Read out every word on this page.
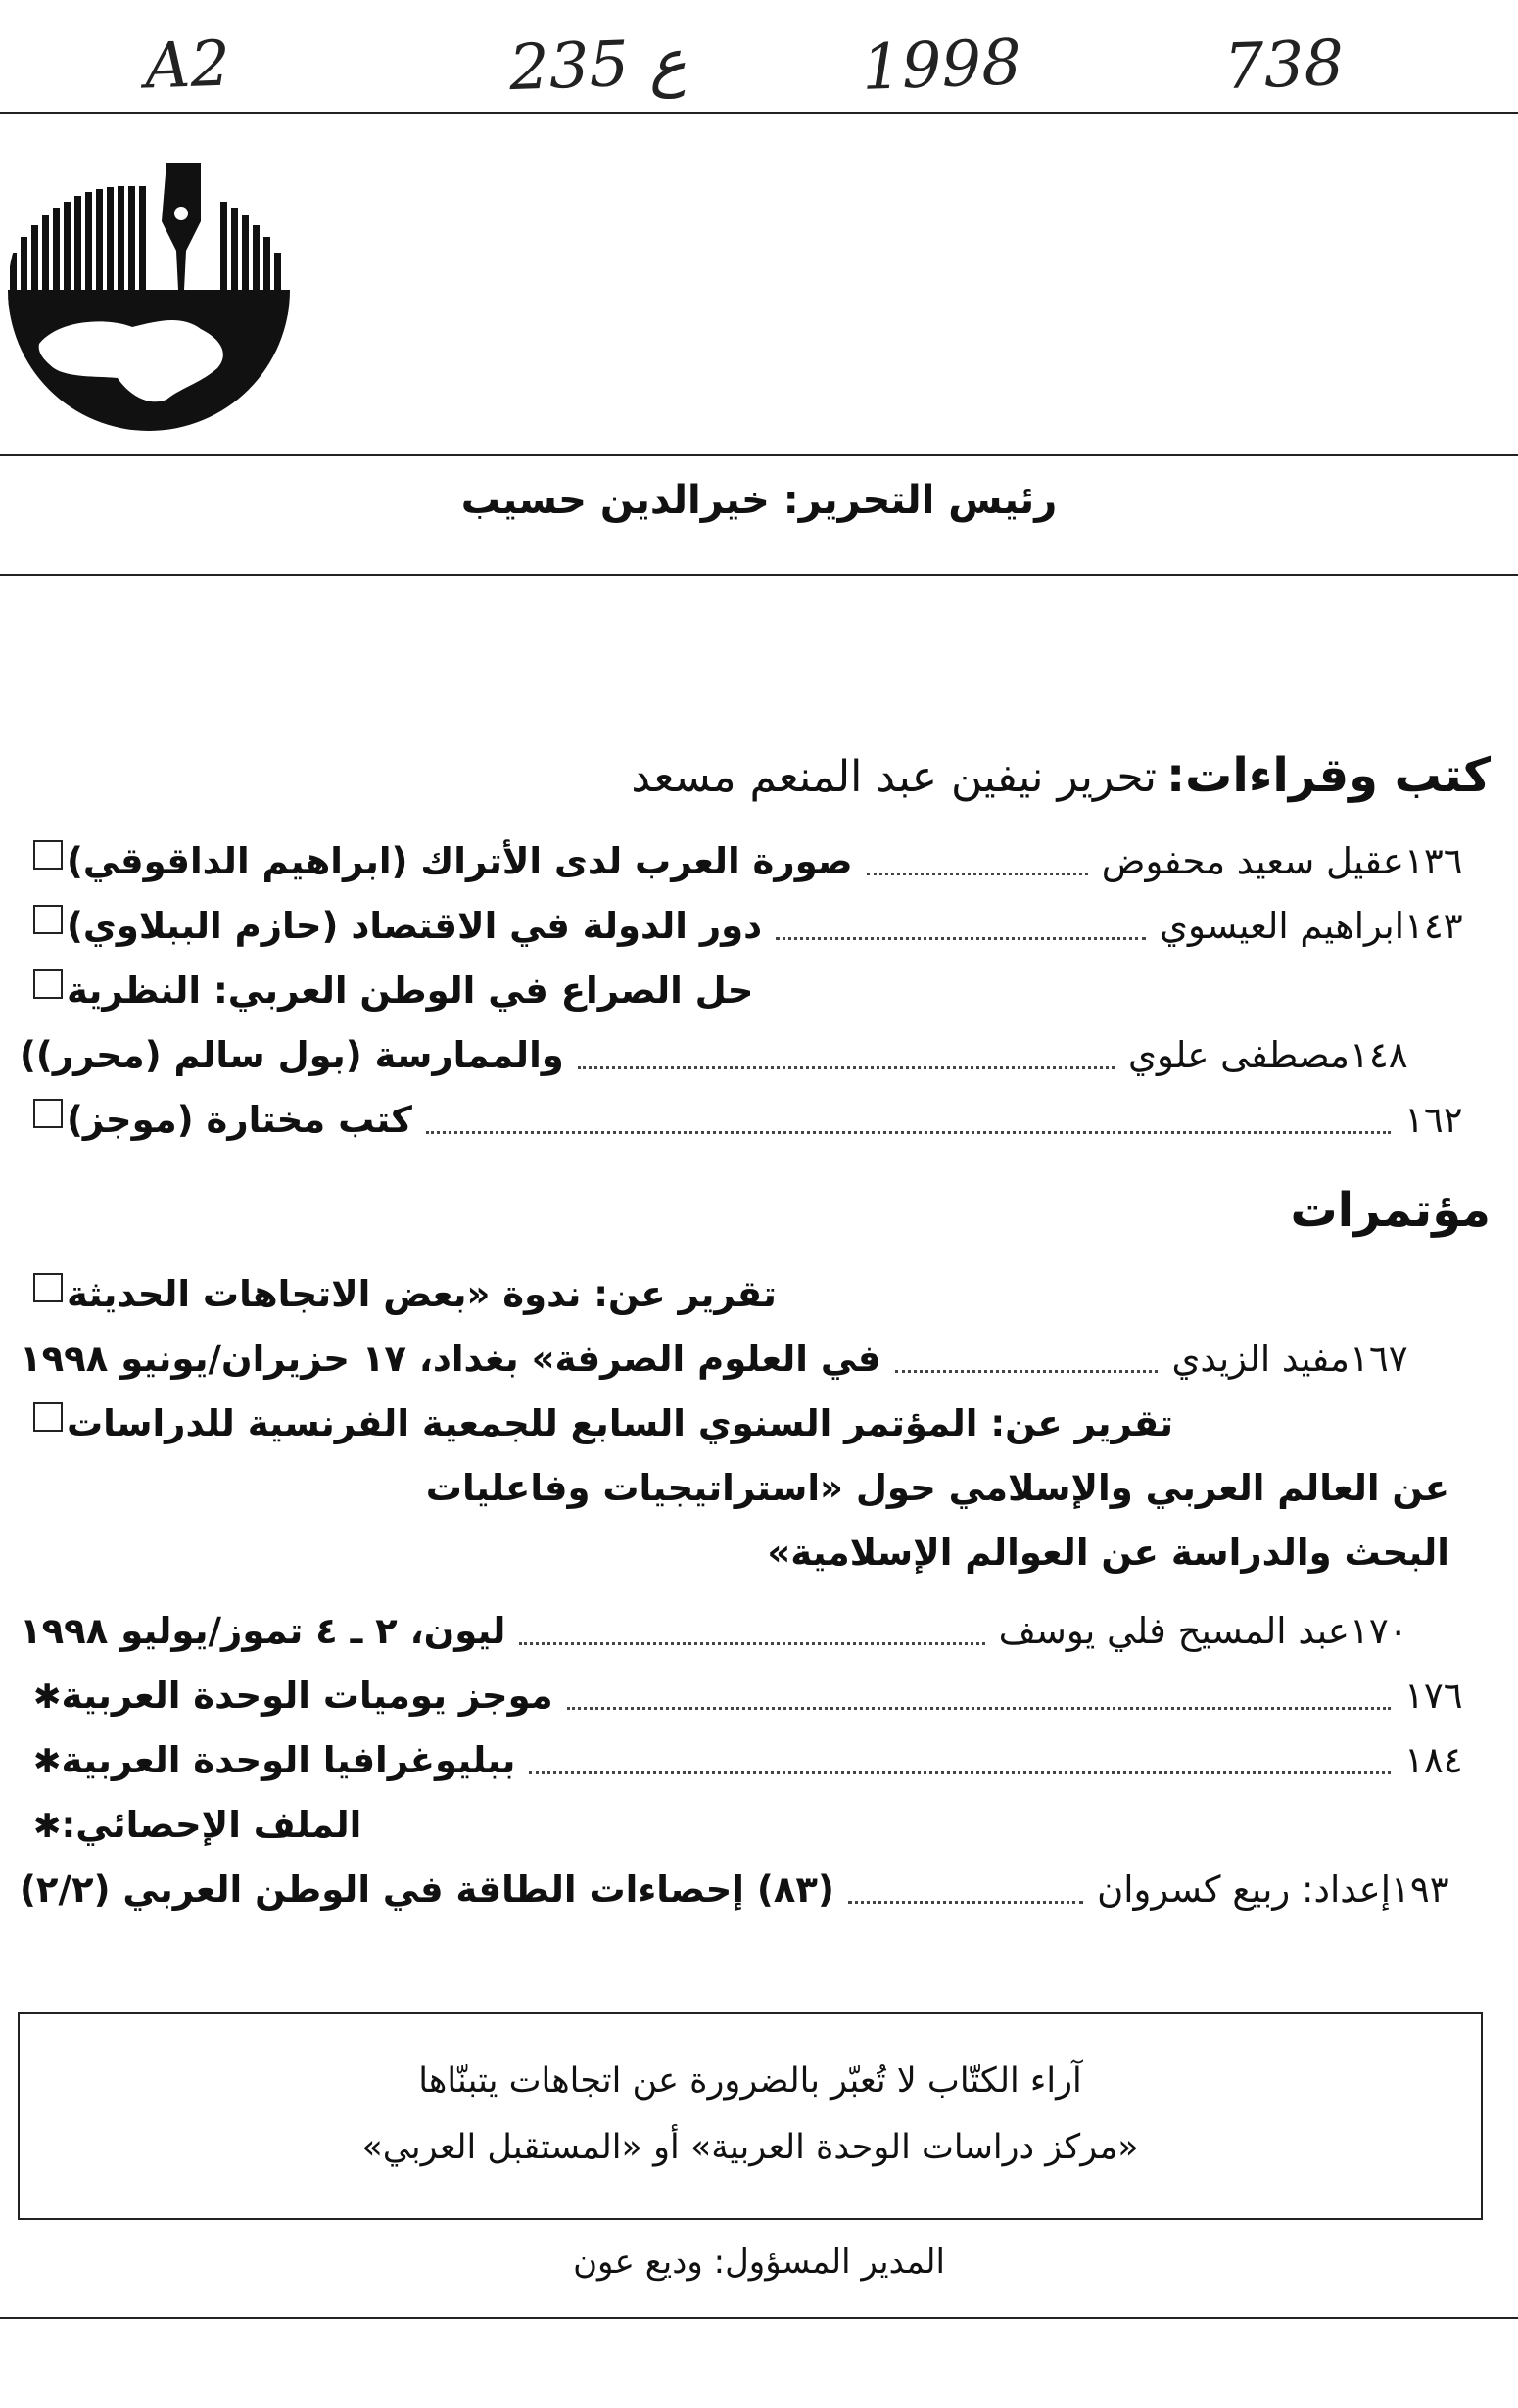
A2	235 ع	1998	738
رئيس التحرير: خيرالدين حسيب
كتب وقراءات:تحرير نيفين عبد المنعم مسعد
صورة العرب لدى الأتراك (ابراهيم الداقوقي)	عقيل سعيد محفوض ١٣٦
دور الدولة في الاقتصاد (حازم الببلاوي)	ابراهيم العيسوي ١٤٣
حل الصراع في الوطن العربي: النظرية
والممارسة (بول سالم (محرر))	مصطفى علوي ١٤٨
كتب مختارة (موجز)	١٦٢
مؤتمرات
تقرير عن: ندوة «بعض الاتجاهات الحديثة
في العلوم الصرفة» بغداد، ١٧ حزيران/يونيو ١٩٩٨	مفيد الزيدي ١٦٧
تقرير عن: المؤتمر السنوي السابع للجمعية الفرنسية للدراسات
عن العالم العربي والإسلامي حول «استراتيجيات وفاعليات
البحث والدراسة عن العوالم الإسلامية»
ليون، ٢ ـ ٤ تموز/يوليو ١٩٩٨	عبد المسيح فلي يوسف ١٧٠
✱ موجز يوميات الوحدة العربية	١٧٦
✱ ببليوغرافيا الوحدة العربية	١٨٤
✱ الملف الإحصائي:
(٨٣) إحصاءات الطاقة في الوطن العربي (٢/٢)	إعداد: ربيع كسروان ١٩٣
آراء الكتّاب لا تُعبّر بالضرورة عن اتجاهات يتبنّاها
«مركز دراسات الوحدة العربية» أو «المستقبل العربي»
المدير المسؤول: وديع عون
